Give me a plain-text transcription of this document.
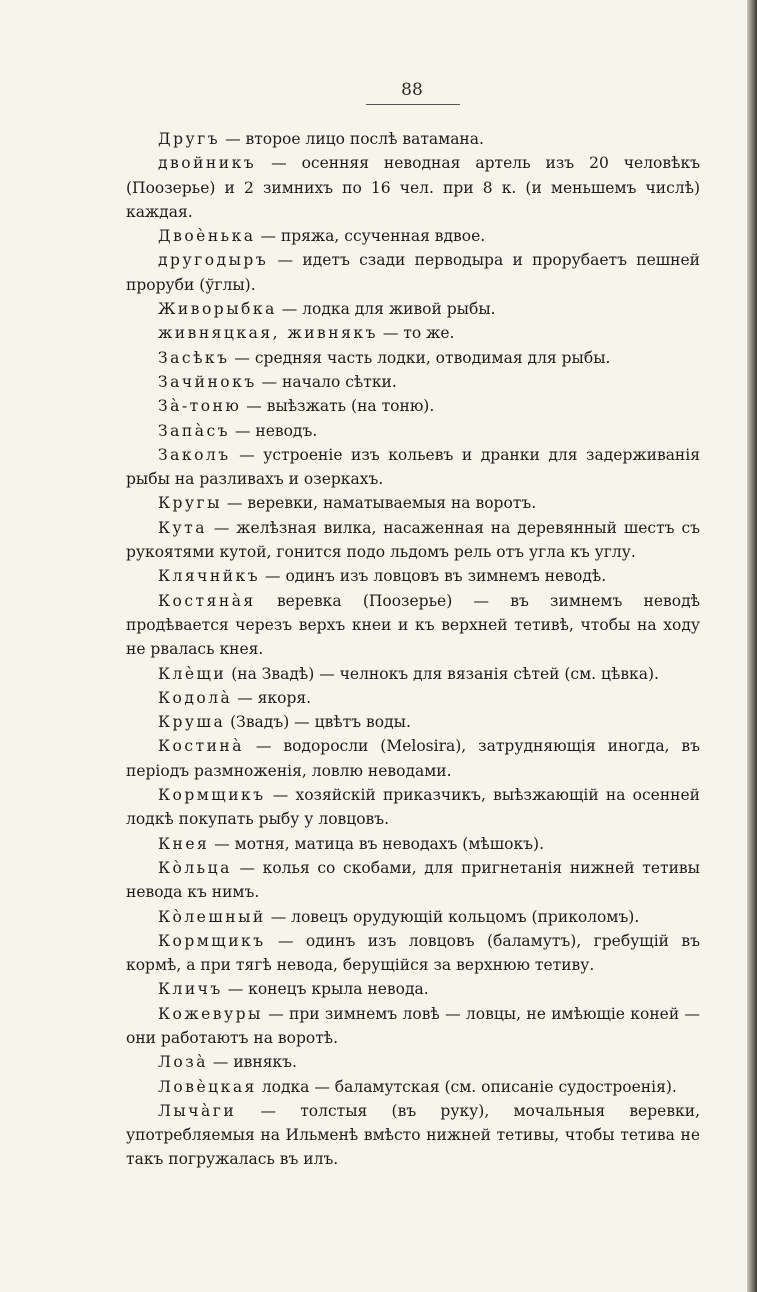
88

Другъ — второе лицо послѣ ватамана.

двойникъ — осенняя неводная артель изъ 20 человѣкъ (Поозерье) и 2 зимнихъ по 16 чел. при 8 к. (и меньшемъ числѣ) каждая.

Двоѐнька — пряжа, ссученная вдвое.

другодыръ — идетъ сзади перводыра и прорубаетъ пешней проруби (ўглы).

Живорыбка — лодка для живой рыбы.

живняцкая, живнякъ — то же.

Засѣкъ — средняя часть лодки, отводимая для рыбы.

Зачйнокъ — начало сѣтки.

За̀-тоню — выѣзжать (на тоню).

Запа̀съ — неводъ.

Заколъ — устроеніе изъ кольевъ и дранки для задерживанія рыбы на разливахъ и озеркахъ.

Кругы — веревки, наматываемыя на воротъ.

Кута — желѣзная вилка, насаженная на деревянный шестъ съ рукоятями кутой, гонится подо льдомъ рель отъ угла къ углу.

Клячнйкъ — одинъ изъ ловцовъ въ зимнемъ неводѣ.

Костяна̀я веревка (Поозерье) — въ зимнемъ неводѣ продѣвается черезъ верхъ кнеи и къ верхней тетивѣ, чтобы на ходу не рвалась кнея.

Клѐщи (на Звадѣ) — челнокъ для вязанія сѣтей (см. цѣвка).

Кодола̀ — якоря.

Круша (Звадъ) — цвѣтъ воды.

Костина̀ — водоросли (Melosira), затрудняющія иногда, въ періодъ размноженія, ловлю неводами.

Кормщикъ — хозяйскій приказчикъ, выѣзжающій на осенней лодкѣ покупать рыбу у ловцовъ.

Кнея — мотня, матица въ неводахъ (мѣшокъ).

Ко̀льца — колья со скобами, для пригнетанія нижней тетивы невода къ нимъ.

Ко̀лешный — ловецъ орудующій кольцомъ (приколомъ).

Кормщикъ — одинъ изъ ловцовъ (баламутъ), гребущій въ кормѣ, а при тягѣ невода, берущійся за верхнюю тетиву.

Кличъ — конецъ крыла невода.

Кожевуры — при зимнемъ ловѣ — ловцы, не имѣющіе коней — они работаютъ на воротѣ.

Лоза̀ — ивнякъ.

Ловѐцкая лодка — баламутская (см. описаніе судостроенія).

Лыча̀ги — толстыя (въ руку), мочальныя веревки, употребляемыя на Ильменѣ вмѣсто нижней тетивы, чтобы тетива не такъ погружалась въ илъ.
